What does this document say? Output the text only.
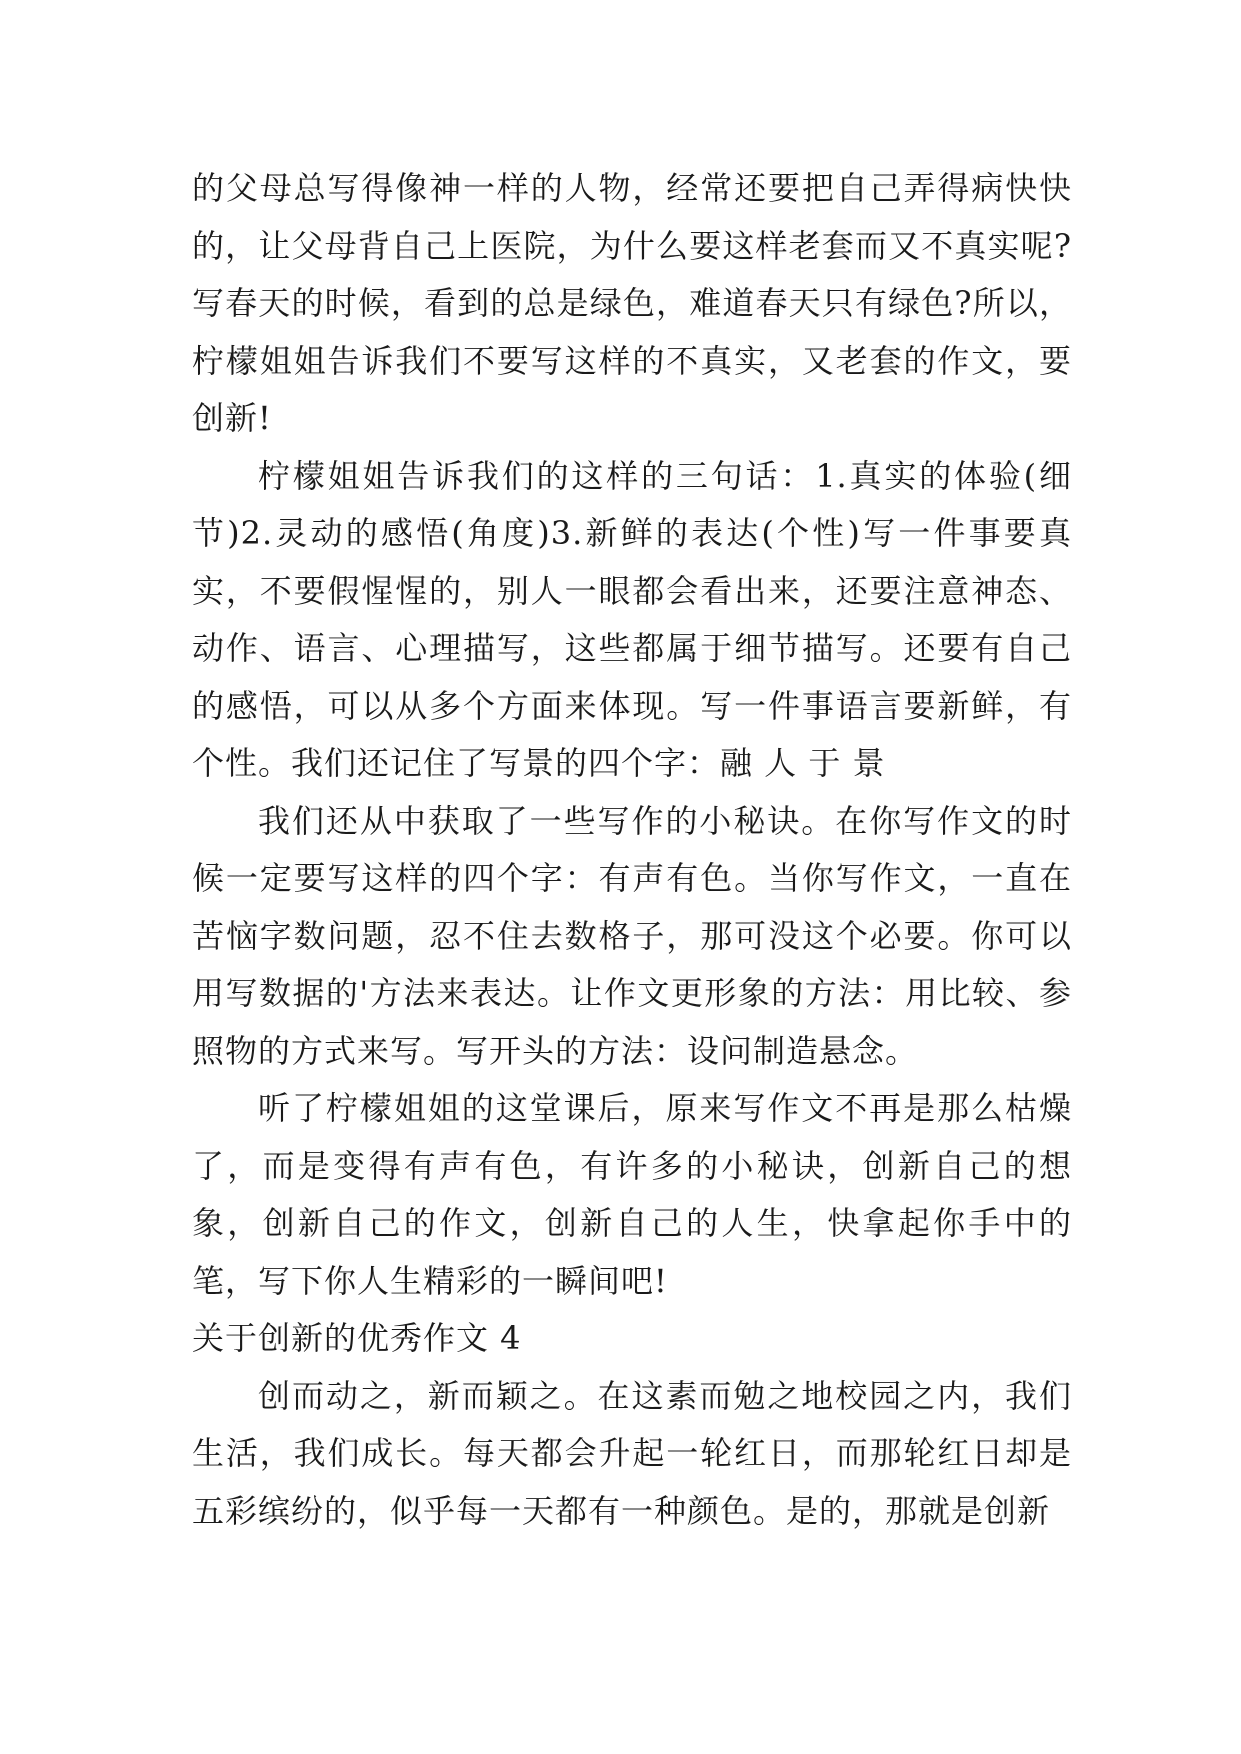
的父母总写得像神一样的人物，经常还要把自己弄得病快快的，让父母背自己上医院，为什么要这样老套而又不真实呢?写春天的时候，看到的总是绿色，难道春天只有绿色?所以，柠檬姐姐告诉我们不要写这样的不真实，又老套的作文，要创新!

柠檬姐姐告诉我们的这样的三句话：1.真实的体验(细节)2.灵动的感悟(角度)3.新鲜的表达(个性)写一件事要真实，不要假惺惺的，别人一眼都会看出来，还要注意神态、动作、语言、心理描写，这些都属于细节描写。还要有自己的感悟，可以从多个方面来体现。写一件事语言要新鲜，有个性。我们还记住了写景的四个字：融 人 于 景

我们还从中获取了一些写作的小秘诀。在你写作文的时候一定要写这样的四个字：有声有色。当你写作文，一直在苦恼字数问题，忍不住去数格子，那可没这个必要。你可以用写数据的'方法来表达。让作文更形象的方法：用比较、参照物的方式来写。写开头的方法：设问制造悬念。

听了柠檬姐姐的这堂课后，原来写作文不再是那么枯燥了，而是变得有声有色，有许多的小秘诀，创新自己的想象，创新自己的作文，创新自己的人生，快拿起你手中的笔，写下你人生精彩的一瞬间吧!

关于创新的优秀作文 4

创而动之，新而颖之。在这素而勉之地校园之内，我们生活，我们成长。每天都会升起一轮红日，而那轮红日却是五彩缤纷的，似乎每一天都有一种颜色。是的，那就是创新
